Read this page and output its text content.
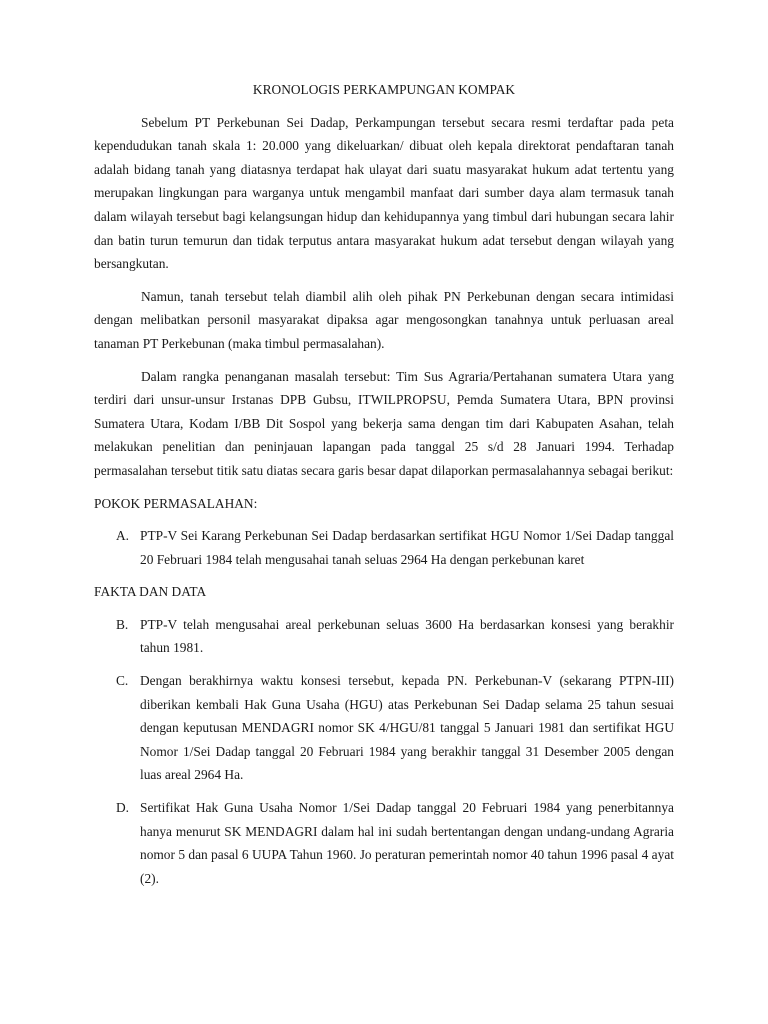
KRONOLOGIS PERKAMPUNGAN KOMPAK

Sebelum PT Perkebunan Sei Dadap, Perkampungan tersebut secara resmi terdaftar pada peta kependudukan tanah skala 1: 20.000 yang dikeluarkan/ dibuat oleh kepala direktorat pendaftaran tanah adalah bidang tanah yang diatasnya terdapat hak ulayat dari suatu masyarakat hukum adat tertentu yang merupakan lingkungan para warganya untuk mengambil manfaat dari sumber daya alam termasuk tanah dalam wilayah tersebut bagi kelangsungan hidup dan kehidupannya yang timbul dari hubungan secara lahir dan batin turun temurun dan tidak terputus antara masyarakat hukum adat tersebut dengan wilayah yang bersangkutan.

Namun, tanah tersebut telah diambil alih oleh pihak PN Perkebunan dengan secara intimidasi dengan melibatkan personil masyarakat dipaksa agar mengosongkan tanahnya untuk perluasan areal tanaman PT Perkebunan (maka timbul permasalahan).

Dalam rangka penanganan masalah tersebut: Tim Sus Agraria/Pertahanan sumatera Utara yang terdiri dari unsur-unsur Irstanas DPB Gubsu, ITWILPROPSU, Pemda Sumatera Utara, BPN provinsi Sumatera Utara, Kodam I/BB Dit Sospol yang bekerja sama dengan tim dari Kabupaten Asahan, telah melakukan penelitian dan peninjauan lapangan pada tanggal 25 s/d 28 Januari 1994. Terhadap permasalahan tersebut titik satu diatas secara garis besar dapat dilaporkan permasalahannya sebagai berikut:

POKOK PERMASALAHAN:
A. PTP-V Sei Karang Perkebunan Sei Dadap berdasarkan sertifikat HGU Nomor 1/Sei Dadap tanggal 20 Februari 1984 telah mengusahai tanah seluas 2964 Ha dengan perkebunan karet
FAKTA DAN DATA
B. PTP-V telah mengusahai areal perkebunan seluas 3600 Ha berdasarkan konsesi yang berakhir tahun 1981.
C. Dengan berakhirnya waktu konsesi tersebut, kepada PN. Perkebunan-V (sekarang PTPN-III) diberikan kembali Hak Guna Usaha (HGU) atas Perkebunan Sei Dadap selama 25 tahun sesuai dengan keputusan MENDAGRI nomor SK 4/HGU/81 tanggal 5 Januari 1981 dan sertifikat HGU Nomor 1/Sei Dadap tanggal 20 Februari 1984 yang berakhir tanggal 31 Desember 2005 dengan luas areal 2964 Ha.
D. Sertifikat Hak Guna Usaha Nomor 1/Sei Dadap tanggal 20 Februari 1984 yang penerbitannya hanya menurut SK MENDAGRI dalam hal ini sudah bertentangan dengan undang-undang Agraria nomor 5 dan pasal 6 UUPA Tahun 1960. Jo peraturan pemerintah nomor 40 tahun 1996 pasal 4 ayat (2).
